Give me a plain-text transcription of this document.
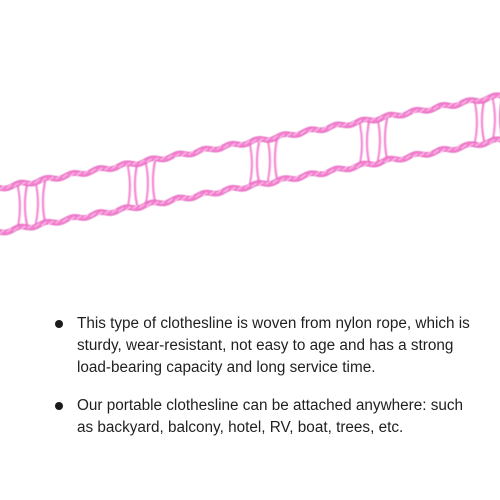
This type of clothesline is woven from nylon rope, which is sturdy, wear-resistant, not easy to age and has a strong load-bearing capacity and long service time.
Our portable clothesline can be attached anywhere: such as backyard, balcony, hotel, RV, boat, trees, etc.
